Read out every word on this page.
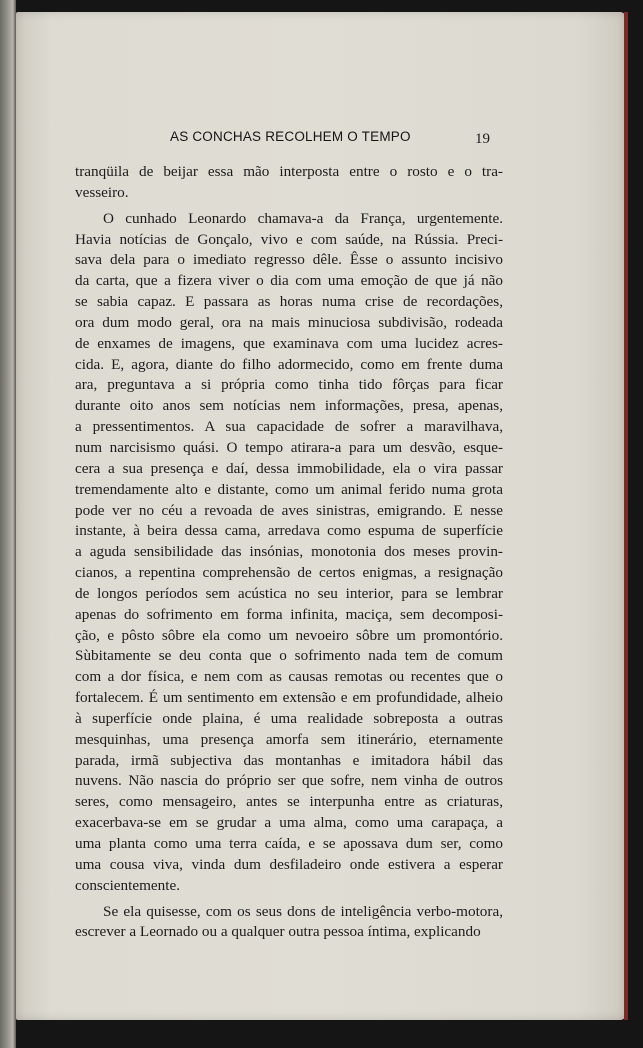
AS CONCHAS RECOLHEM O TEMPO	19
tranqüila de beijar essa mão interposta entre o rosto e o tra-
vesseiro.
O cunhado Leonardo chamava-a da França, urgentemente.
Havia notícias de Gonçalo, vivo e com saúde, na Rússia. Preci-
sava dela para o imediato regresso dêle. Êsse o assunto incisivo
da carta, que a fizera viver o dia com uma emoção de que já não
se sabia capaz. E passara as horas numa crise de recordações,
ora dum modo geral, ora na mais minuciosa subdivisão, rodeada
de enxames de imagens, que examinava com uma lucidez acres-
cida. E, agora, diante do filho adormecido, como em frente duma
ara, preguntava a si própria como tinha tido fôrças para ficar
durante oito anos sem notícias nem informações, presa, apenas,
a pressentimentos. A sua capacidade de sofrer a maravilhava,
num narcisismo quási. O tempo atirara-a para um desvão, esque-
cera a sua presença e daí, dessa immobilidade, ela o vira passar
tremendamente alto e distante, como um animal ferido numa grota
pode ver no céu a revoada de aves sinistras, emigrando. E nesse
instante, à beira dessa cama, arredava como espuma de superfície
a aguda sensibilidade das insónias, monotonia dos meses provin-
cianos, a repentina comprehensão de certos enigmas, a resignação
de longos períodos sem acústica no seu interior, para se lembrar
apenas do sofrimento em forma infinita, maciça, sem decomposi-
ção, e pôsto sôbre ela como um nevoeiro sôbre um promontório.
Sùbitamente se deu conta que o sofrimento nada tem de comum
com a dor física, e nem com as causas remotas ou recentes que o
fortalecem. É um sentimento em extensão e em profundidade, alheio
à superfície onde plaina, é uma realidade sobreposta a outras
mesquinhas, uma presença amorfa sem itinerário, eternamente
parada, irmã subjectiva das montanhas e imitadora hábil das
nuvens. Não nascia do próprio ser que sofre, nem vinha de outros
seres, como mensageiro, antes se interpunha entre as criaturas,
exacerbava-se em se grudar a uma alma, como uma carapaça, a
uma planta como uma terra caída, e se apossava dum ser, como
uma cousa viva, vinda dum desfiladeiro onde estivera a esperar
conscientemente.
Se ela quisesse, com os seus dons de inteligência verbo-motora,
escrever a Leornado ou a qualquer outra pessoa íntima, explicando
